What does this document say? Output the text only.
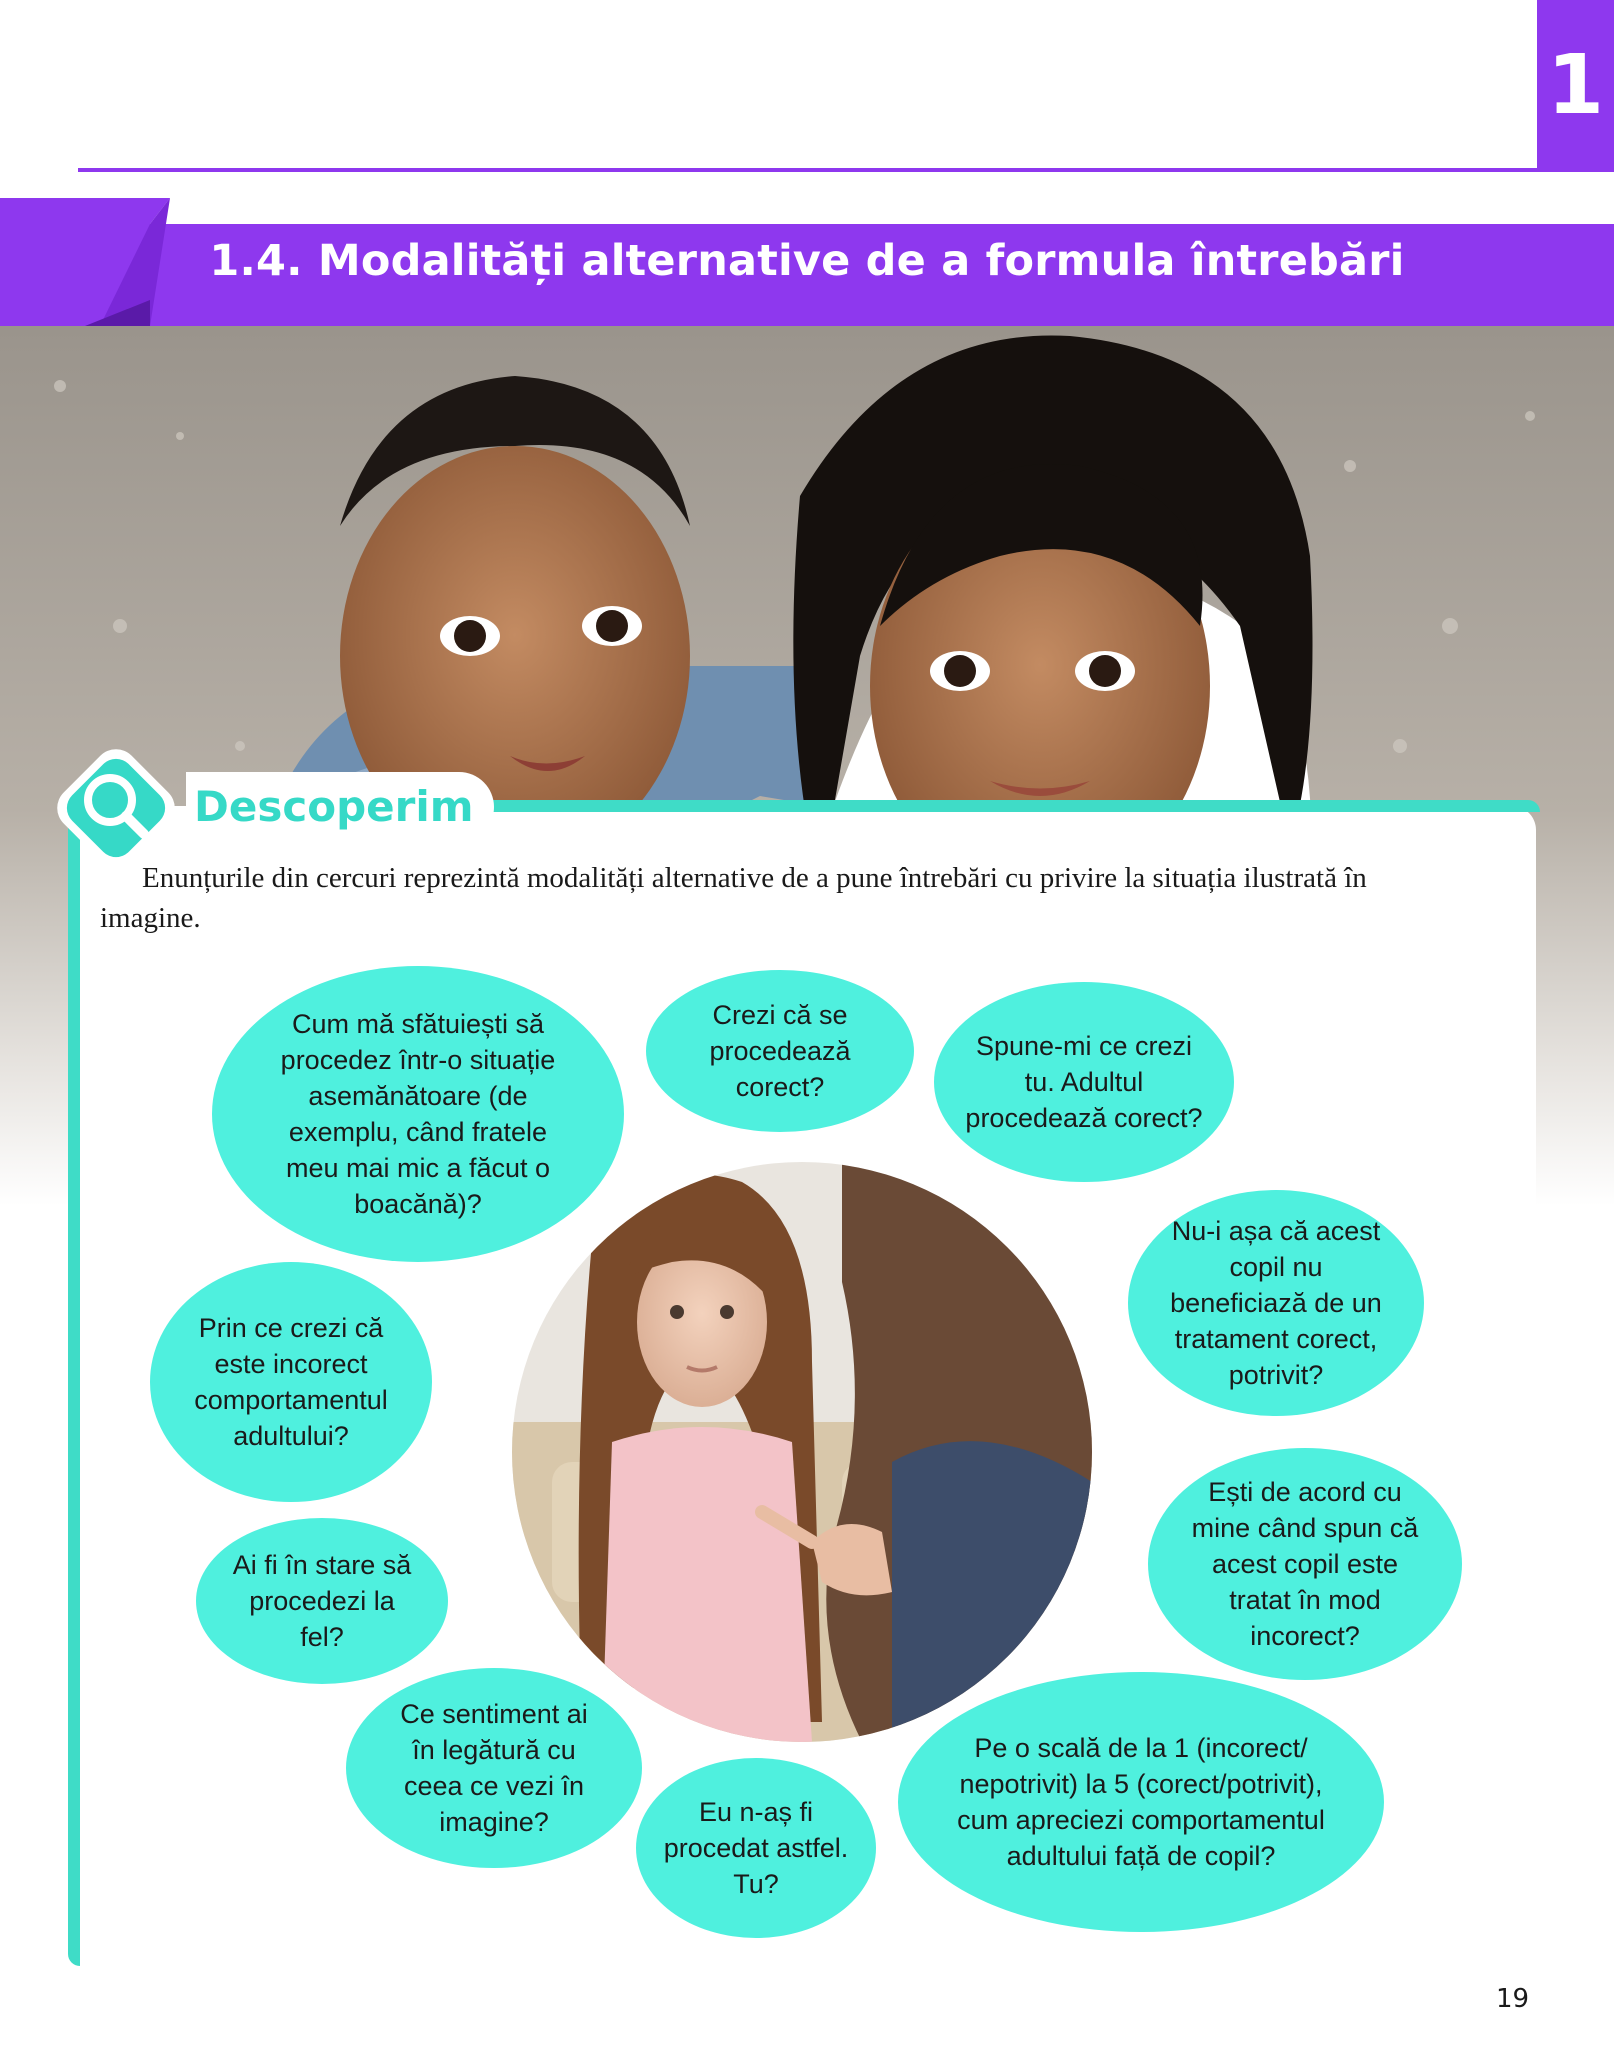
1
1.4. Modalități alternative de a formula întrebări
Descoperim

Enunțurile din cercuri reprezintă modalități alternative de a pune întrebări cu privire la situația ilustrată în imagine.

Cum mă sfătuiești să procedez într-o situație asemănătoare (de exemplu, când fratele meu mai mic a făcut o boacănă)?
Crezi că se procedează corect?
Spune-mi ce crezi tu. Adultul procedează corect?
Nu-i așa că acest copil nu beneficiază de un tratament corect, potrivit?
Prin ce crezi că este incorect comportamentul adultului?
Ești de acord cu mine când spun că acest copil este tratat în mod incorect?
Ai fi în stare să procedezi la fel?
Ce sentiment ai în legătură cu ceea ce vezi în imagine?	Eu n-aș fi procedat astfel. Tu?
Pe o scală de la 1 (incorect/ nepotrivit) la 5 (corect/potrivit), cum apreciezi comportamentul adultului față de copil?
19
